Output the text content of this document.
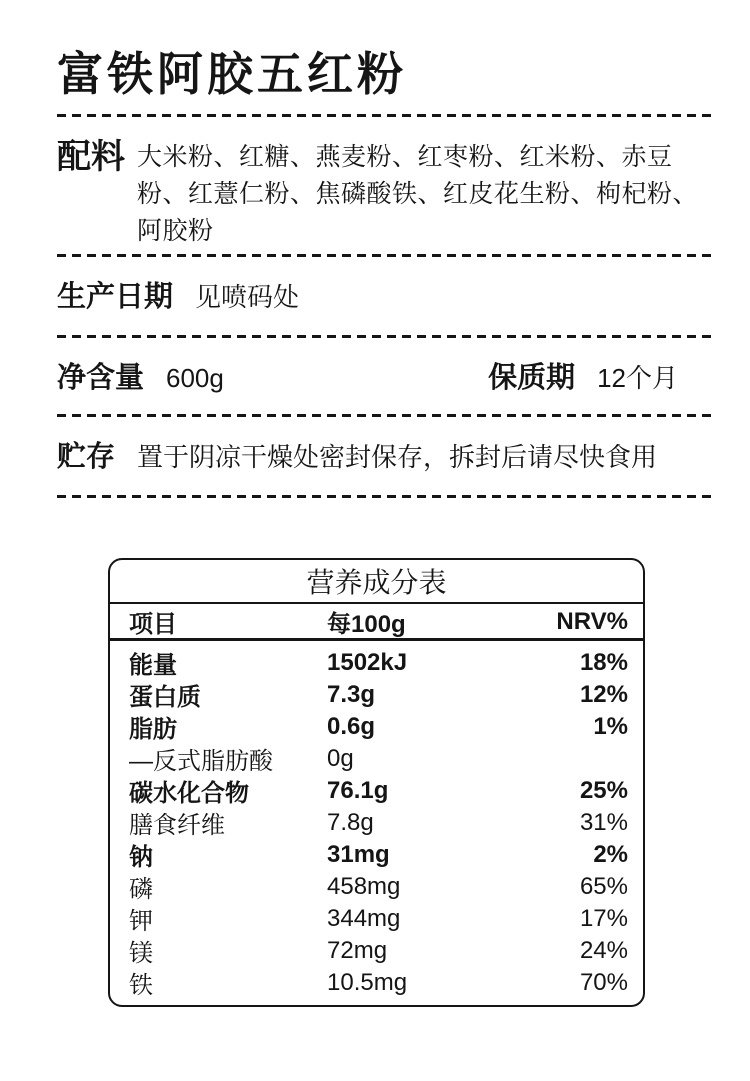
富铁阿胶五红粉
配料 大米粉、红糖、燕麦粉、红枣粉、红米粉、赤豆粉、红薏仁粉、焦磷酸铁、红皮花生粉、枸杞粉、阿胶粉
生产日期 见喷码处
净含量 600g	保质期 12个月
贮存 置于阴凉干燥处密封保存，拆封后请尽快食用
营养成分表
项目	每100g	NRV%
能量	1502kJ	18%
蛋白质	7.3g	12%
脂肪	0.6g	1%
—反式脂肪酸	0g
碳水化合物	76.1g	25%
膳食纤维	7.8g	31%
钠	31mg	2%
磷	458mg	65%
钾	344mg	17%
镁	72mg	24%
铁	10.5mg	70%
